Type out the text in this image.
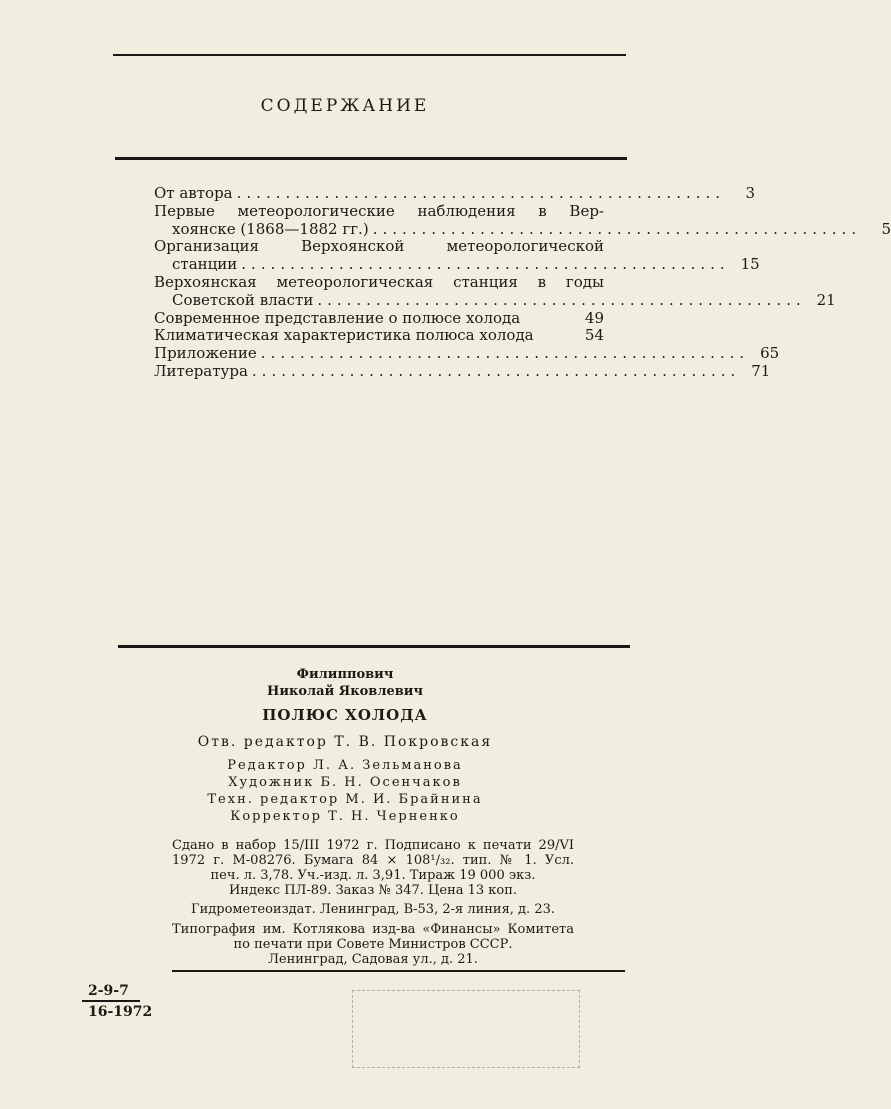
СОДЕРЖАНИЕ
От автора ..................................................	3
Первые метеорологические наблюдения в Вер-
хоянске (1868—1882 гг.) ..................................................	5
Организация Верхоянской метеорологической
станции .................................................. 15
Верхоянская метеорологическая станция в годы
Советской власти .................................................. 21
Современное представление о полюсе холода	49
Климатическая характеристика полюса холода	54
Приложение .................................................. 65
Литература .................................................. 71
Филиппович
Николай Яковлевич
ПОЛЮС ХОЛОДА
Отв. редактор Т. В. Покровская
Редактор Л. А. Зельманова
Художник Б. Н. Осенчаков
Техн. редактор М. И. Брайнина
Корректор Т. Н. Черненко
Сдано в набор 15/III 1972 г. Подписано к печати 29/VI
1972 г. М-08276. Бумага 84 × 108¹/₃₂. тип. № 1. Усл.
печ. л. 3,78. Уч.-изд. л. 3,91. Тираж 19 000 экз.
Индекс ПЛ-89. Заказ № 347. Цена 13 коп.
Гидрометеоиздат. Ленинград, В-53, 2-я линия, д. 23.
Типография им. Котлякова изд-ва «Финансы» Комитета
по печати при Совете Министров СССР.
Ленинград, Садовая ул., д. 21.
2-9-7
16-1972
